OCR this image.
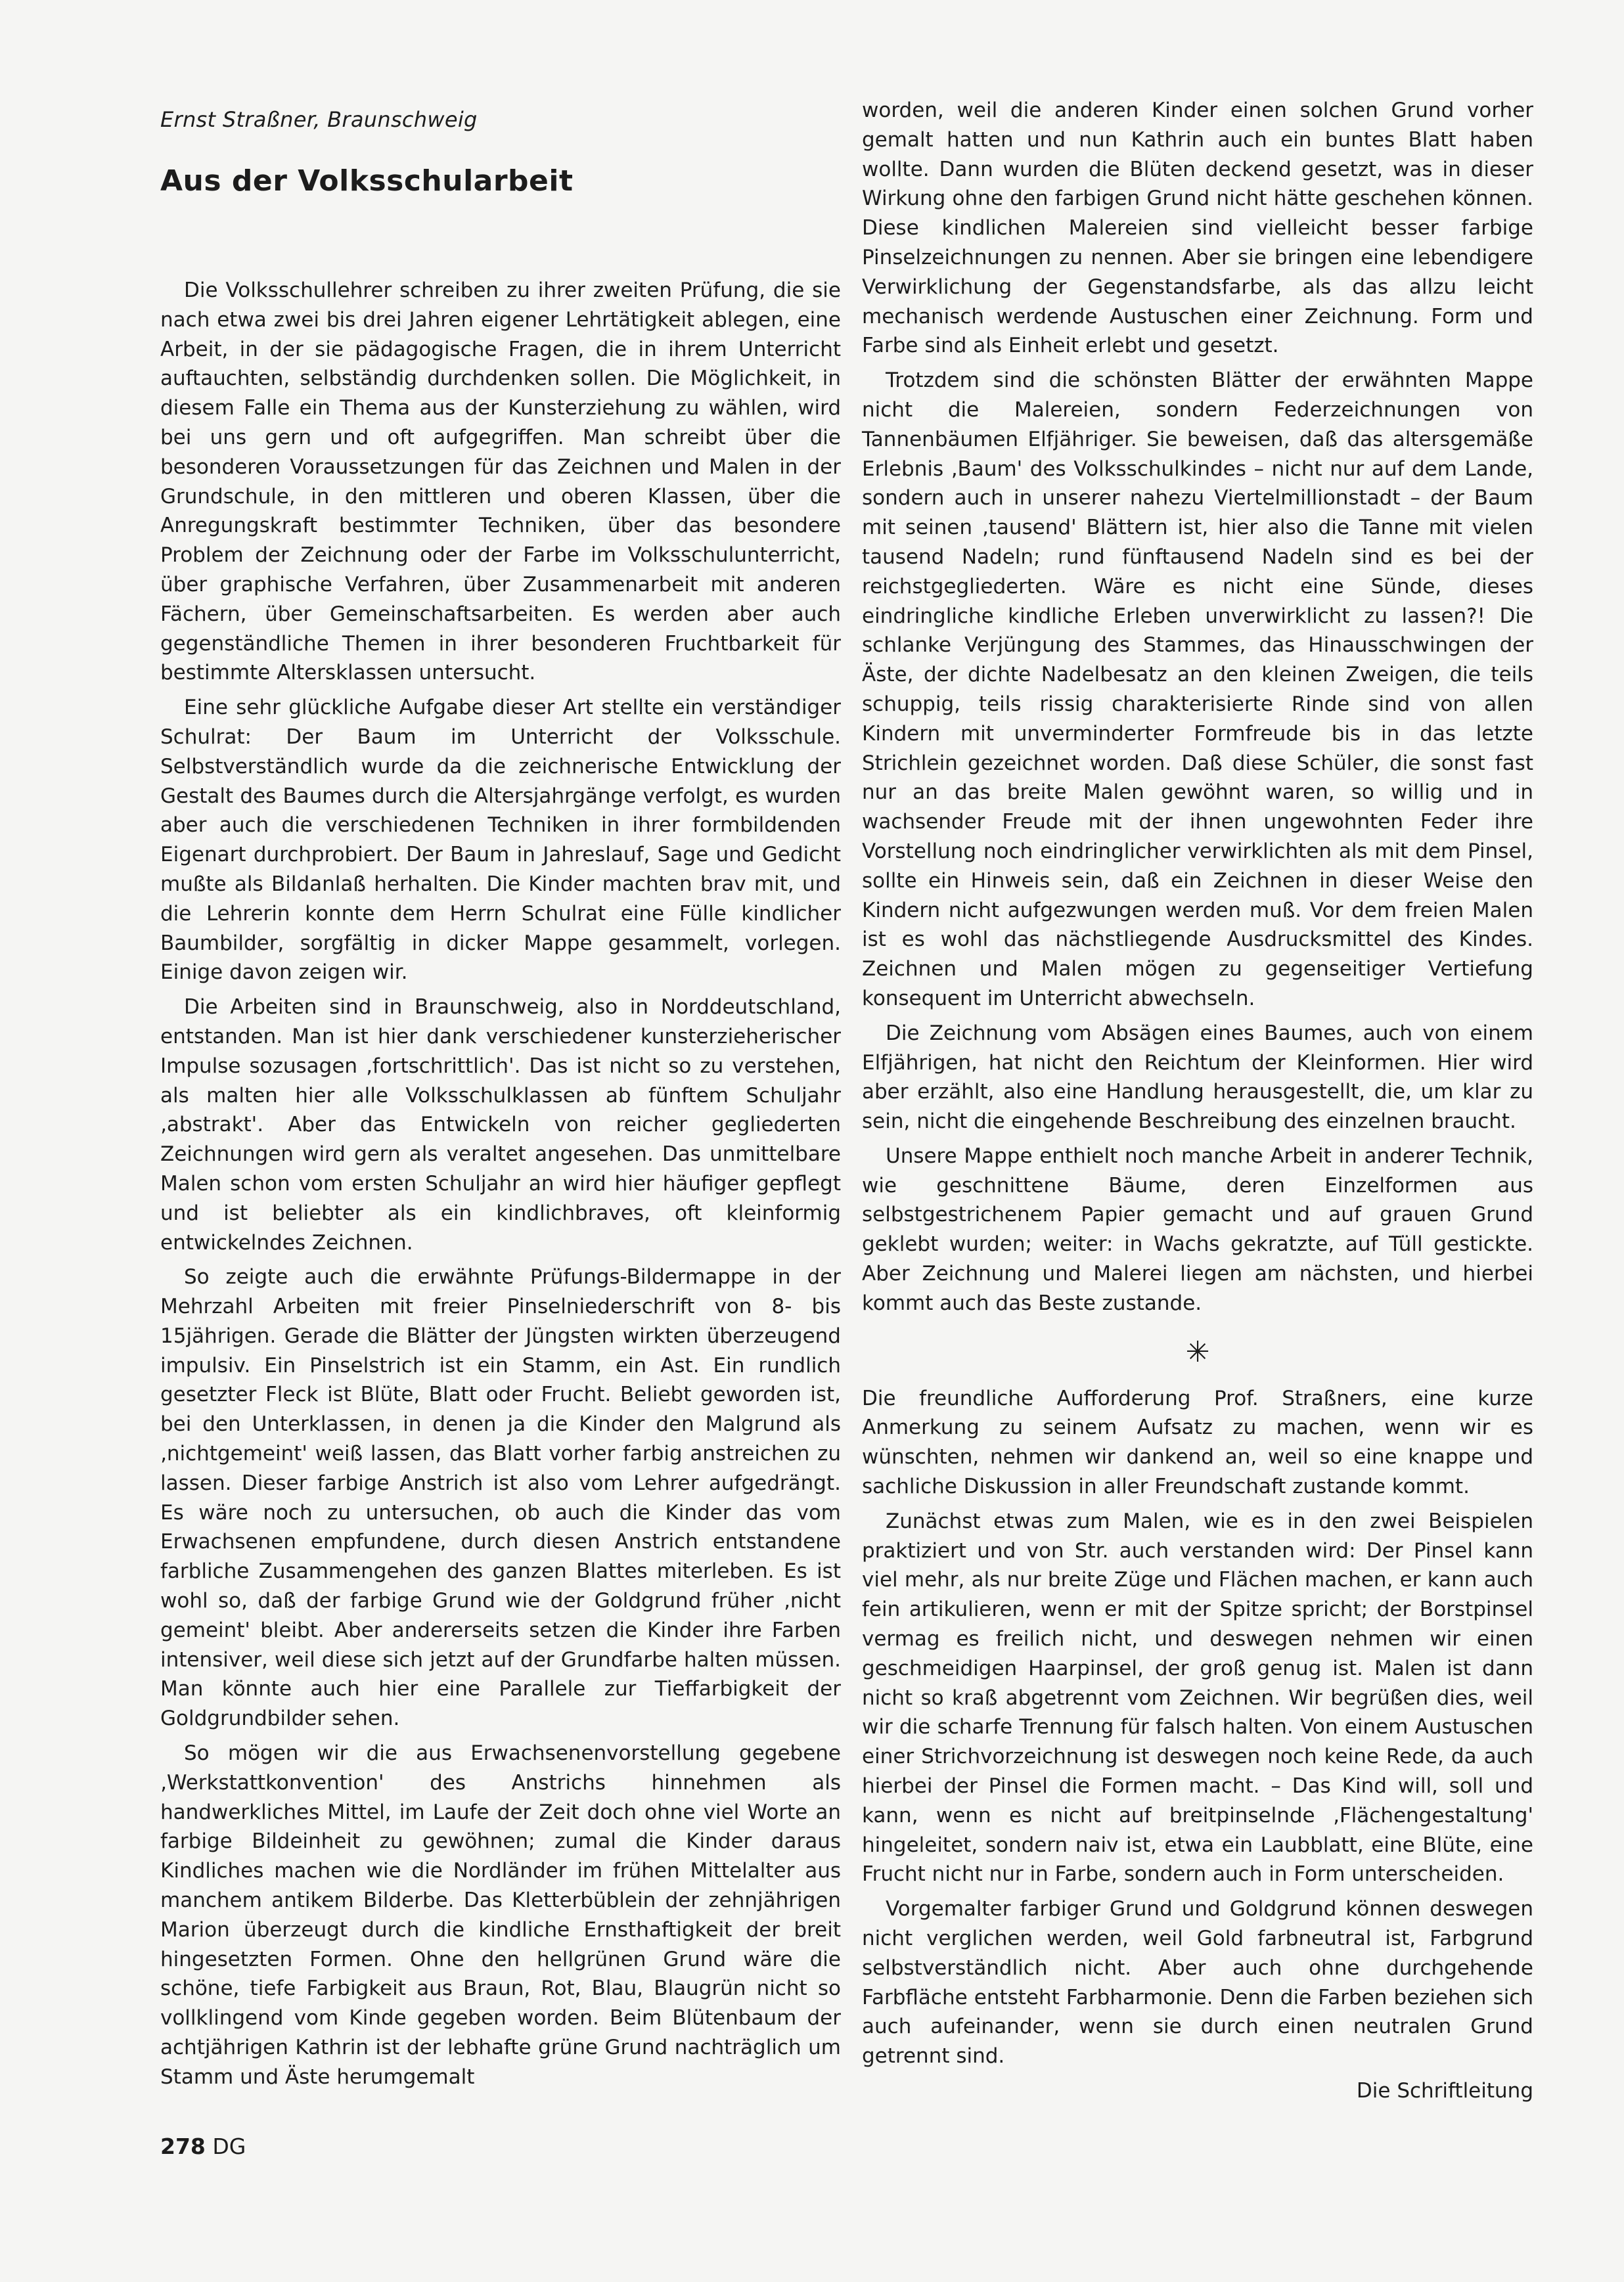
Ernst Straßner, Braunschweig
Aus der Volksschularbeit

Die Volksschullehrer schreiben zu ihrer zweiten Prüfung, die sie nach etwa zwei bis drei Jahren eigener Lehrtätigkeit ablegen, eine Arbeit, in der sie pädagogische Fragen, die in ihrem Unterricht auftauchten, selbständig durchdenken sollen. Die Möglichkeit, in diesem Falle ein Thema aus der Kunsterziehung zu wählen, wird bei uns gern und oft aufgegriffen. Man schreibt über die besonderen Voraussetzungen für das Zeichnen und Malen in der Grundschule, in den mittleren und oberen Klassen, über die Anregungskraft bestimmter Techniken, über das besondere Problem der Zeichnung oder der Farbe im Volksschulunterricht, über graphische Verfahren, über Zusammenarbeit mit anderen Fächern, über Gemeinschaftsarbeiten. Es werden aber auch gegenständliche Themen in ihrer besonderen Fruchtbarkeit für bestimmte Altersklassen untersucht.

Eine sehr glückliche Aufgabe dieser Art stellte ein verständiger Schulrat: Der Baum im Unterricht der Volksschule. Selbstverständlich wurde da die zeichnerische Entwicklung der Gestalt des Baumes durch die Altersjahrgänge verfolgt, es wurden aber auch die verschiedenen Techniken in ihrer formbildenden Eigenart durchprobiert. Der Baum in Jahreslauf, Sage und Gedicht mußte als Bildanlaß herhalten. Die Kinder machten brav mit, und die Lehrerin konnte dem Herrn Schulrat eine Fülle kindlicher Baumbilder, sorgfältig in dicker Mappe gesammelt, vorlegen. Einige davon zeigen wir.

Die Arbeiten sind in Braunschweig, also in Norddeutschland, entstanden. Man ist hier dank verschiedener kunsterzieherischer Impulse sozusagen ‚fortschrittlich'. Das ist nicht so zu verstehen, als malten hier alle Volksschulklassen ab fünftem Schuljahr ‚abstrakt'. Aber das Entwickeln von reicher gegliederten Zeichnungen wird gern als veraltet angesehen. Das unmittelbare Malen schon vom ersten Schuljahr an wird hier häufiger gepflegt und ist beliebter als ein kindlichbraves, oft kleinformig entwickelndes Zeichnen.

So zeigte auch die erwähnte Prüfungs-Bildermappe in der Mehrzahl Arbeiten mit freier Pinselniederschrift von 8- bis 15jährigen. Gerade die Blätter der Jüngsten wirkten überzeugend impulsiv. Ein Pinselstrich ist ein Stamm, ein Ast. Ein rundlich gesetzter Fleck ist Blüte, Blatt oder Frucht. Beliebt geworden ist, bei den Unterklassen, in denen ja die Kinder den Malgrund als ‚nichtgemeint' weiß lassen, das Blatt vorher farbig anstreichen zu lassen. Dieser farbige Anstrich ist also vom Lehrer aufgedrängt. Es wäre noch zu untersuchen, ob auch die Kinder das vom Erwachsenen empfundene, durch diesen Anstrich entstandene farbliche Zusammengehen des ganzen Blattes miterleben. Es ist wohl so, daß der farbige Grund wie der Goldgrund früher ‚nicht gemeint' bleibt. Aber andererseits setzen die Kinder ihre Farben intensiver, weil diese sich jetzt auf der Grundfarbe halten müssen. Man könnte auch hier eine Parallele zur Tieffarbigkeit der Goldgrundbilder sehen.

So mögen wir die aus Erwachsenenvorstellung gegebene ‚Werkstattkonvention' des Anstrichs hinnehmen als handwerkliches Mittel, im Laufe der Zeit doch ohne viel Worte an farbige Bildeinheit zu gewöhnen; zumal die Kinder daraus Kindliches machen wie die Nordländer im frühen Mittelalter aus manchem antikem Bilderbe. Das Kletterbüblein der zehnjährigen Marion überzeugt durch die kindliche Ernsthaftigkeit der breit hingesetzten Formen. Ohne den hellgrünen Grund wäre die schöne, tiefe Farbigkeit aus Braun, Rot, Blau, Blaugrün nicht so vollklingend vom Kinde gegeben worden. Beim Blütenbaum der achtjährigen Kathrin ist der lebhafte grüne Grund nachträglich um Stamm und Äste herumgemalt

worden, weil die anderen Kinder einen solchen Grund vorher gemalt hatten und nun Kathrin auch ein buntes Blatt haben wollte. Dann wurden die Blüten deckend gesetzt, was in dieser Wirkung ohne den farbigen Grund nicht hätte geschehen können. Diese kindlichen Malereien sind vielleicht besser farbige Pinselzeichnungen zu nennen. Aber sie bringen eine lebendigere Verwirklichung der Gegenstandsfarbe, als das allzu leicht mechanisch werdende Austuschen einer Zeichnung. Form und Farbe sind als Einheit erlebt und gesetzt.

Trotzdem sind die schönsten Blätter der erwähnten Mappe nicht die Malereien, sondern Federzeichnungen von Tannenbäumen Elfjähriger. Sie beweisen, daß das altersgemäße Erlebnis ‚Baum' des Volksschulkindes – nicht nur auf dem Lande, sondern auch in unserer nahezu Viertelmillionstadt – der Baum mit seinen ‚tausend' Blättern ist, hier also die Tanne mit vielen tausend Nadeln; rund fünftausend Nadeln sind es bei der reichstgegliederten. Wäre es nicht eine Sünde, dieses eindringliche kindliche Erleben unverwirklicht zu lassen?! Die schlanke Verjüngung des Stammes, das Hinausschwingen der Äste, der dichte Nadelbesatz an den kleinen Zweigen, die teils schuppig, teils rissig charakterisierte Rinde sind von allen Kindern mit unverminderter Formfreude bis in das letzte Strichlein gezeichnet worden. Daß diese Schüler, die sonst fast nur an das breite Malen gewöhnt waren, so willig und in wachsender Freude mit der ihnen ungewohnten Feder ihre Vorstellung noch eindringlicher verwirklichten als mit dem Pinsel, sollte ein Hinweis sein, daß ein Zeichnen in dieser Weise den Kindern nicht aufgezwungen werden muß. Vor dem freien Malen ist es wohl das nächstliegende Ausdrucksmittel des Kindes. Zeichnen und Malen mögen zu gegenseitiger Vertiefung konsequent im Unterricht abwechseln.

Die Zeichnung vom Absägen eines Baumes, auch von einem Elfjährigen, hat nicht den Reichtum der Kleinformen. Hier wird aber erzählt, also eine Handlung herausgestellt, die, um klar zu sein, nicht die eingehende Beschreibung des einzelnen braucht.

Unsere Mappe enthielt noch manche Arbeit in anderer Technik, wie geschnittene Bäume, deren Einzelformen aus selbstgestrichenem Papier gemacht und auf grauen Grund geklebt wurden; weiter: in Wachs gekratzte, auf Tüll gestickte. Aber Zeichnung und Malerei liegen am nächsten, und hierbei kommt auch das Beste zustande.

✳

Die freundliche Aufforderung Prof. Straßners, eine kurze Anmerkung zu seinem Aufsatz zu machen, wenn wir es wünschten, nehmen wir dankend an, weil so eine knappe und sachliche Diskussion in aller Freundschaft zustande kommt.

Zunächst etwas zum Malen, wie es in den zwei Beispielen praktiziert und von Str. auch verstanden wird: Der Pinsel kann viel mehr, als nur breite Züge und Flächen machen, er kann auch fein artikulieren, wenn er mit der Spitze spricht; der Borstpinsel vermag es freilich nicht, und deswegen nehmen wir einen geschmeidigen Haarpinsel, der groß genug ist. Malen ist dann nicht so kraß abgetrennt vom Zeichnen. Wir begrüßen dies, weil wir die scharfe Trennung für falsch halten. Von einem Austuschen einer Strichvorzeichnung ist deswegen noch keine Rede, da auch hierbei der Pinsel die Formen macht. – Das Kind will, soll und kann, wenn es nicht auf breitpinselnde ‚Flächengestaltung' hingeleitet, sondern naiv ist, etwa ein Laubblatt, eine Blüte, eine Frucht nicht nur in Farbe, sondern auch in Form unterscheiden.

Vorgemalter farbiger Grund und Goldgrund können deswegen nicht verglichen werden, weil Gold farbneutral ist, Farbgrund selbstverständlich nicht. Aber auch ohne durchgehende Farbfläche entsteht Farbharmonie. Denn die Farben beziehen sich auch aufeinander, wenn sie durch einen neutralen Grund getrennt sind.

Die Schriftleitung
278 DG
